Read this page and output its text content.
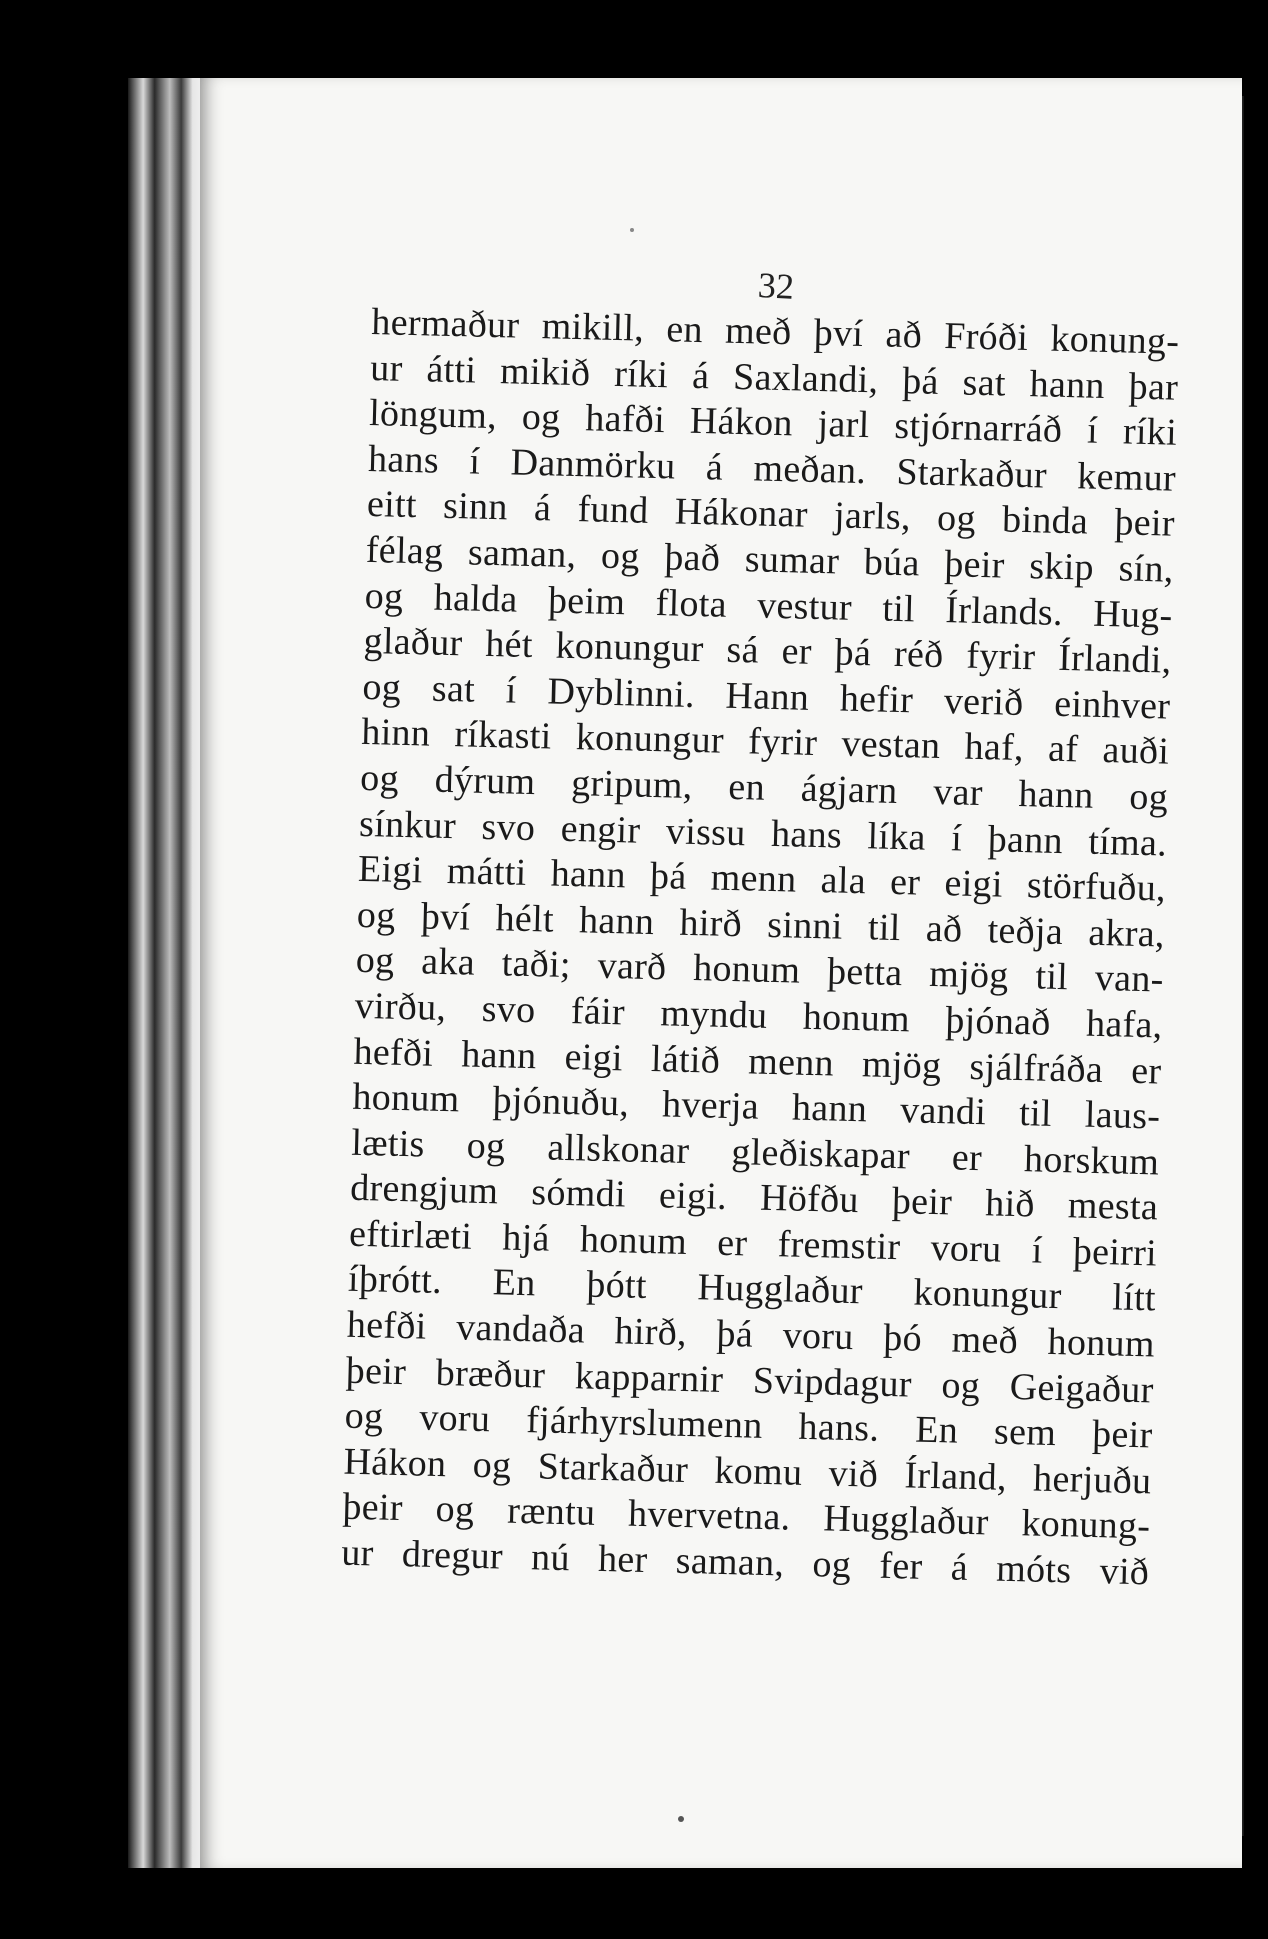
32
hermaður mikill, en með því að Fróði konung-
ur átti mikið ríki á Saxlandi, þá sat hann þar
löngum, og hafði Hákon jarl stjórnarráð í ríki
hans í Danmörku á meðan. Starkaður kemur
eitt sinn á fund Hákonar jarls, og binda þeir
félag saman, og það sumar búa þeir skip sín,
og halda þeim flota vestur til Írlands. Hug-
glaður hét konungur sá er þá réð fyrir Írlandi,
og sat í Dyblinni. Hann hefir verið einhver
hinn ríkasti konungur fyrir vestan haf, af auði
og dýrum gripum, en ágjarn var hann og
sínkur svo engir vissu hans líka í þann tíma.
Eigi mátti hann þá menn ala er eigi störfuðu,
og því hélt hann hirð sinni til að teðja akra,
og aka taði; varð honum þetta mjög til van-
virðu, svo fáir myndu honum þjónað hafa,
hefði hann eigi látið menn mjög sjálfráða er
honum þjónuðu, hverja hann vandi til laus-
lætis og allskonar gleðiskapar er horskum
drengjum sómdi eigi. Höfðu þeir hið mesta
eftirlæti hjá honum er fremstir voru í þeirri
íþrótt. En þótt Hugglaður konungur lítt
hefði vandaða hirð, þá voru þó með honum
þeir bræður kapparnir Svipdagur og Geigaður
og voru fjárhyrslumenn hans. En sem þeir
Hákon og Starkaður komu við Írland, herjuðu
þeir og ræntu hvervetna. Hugglaður konung-
ur dregur nú her saman, og fer á móts við
